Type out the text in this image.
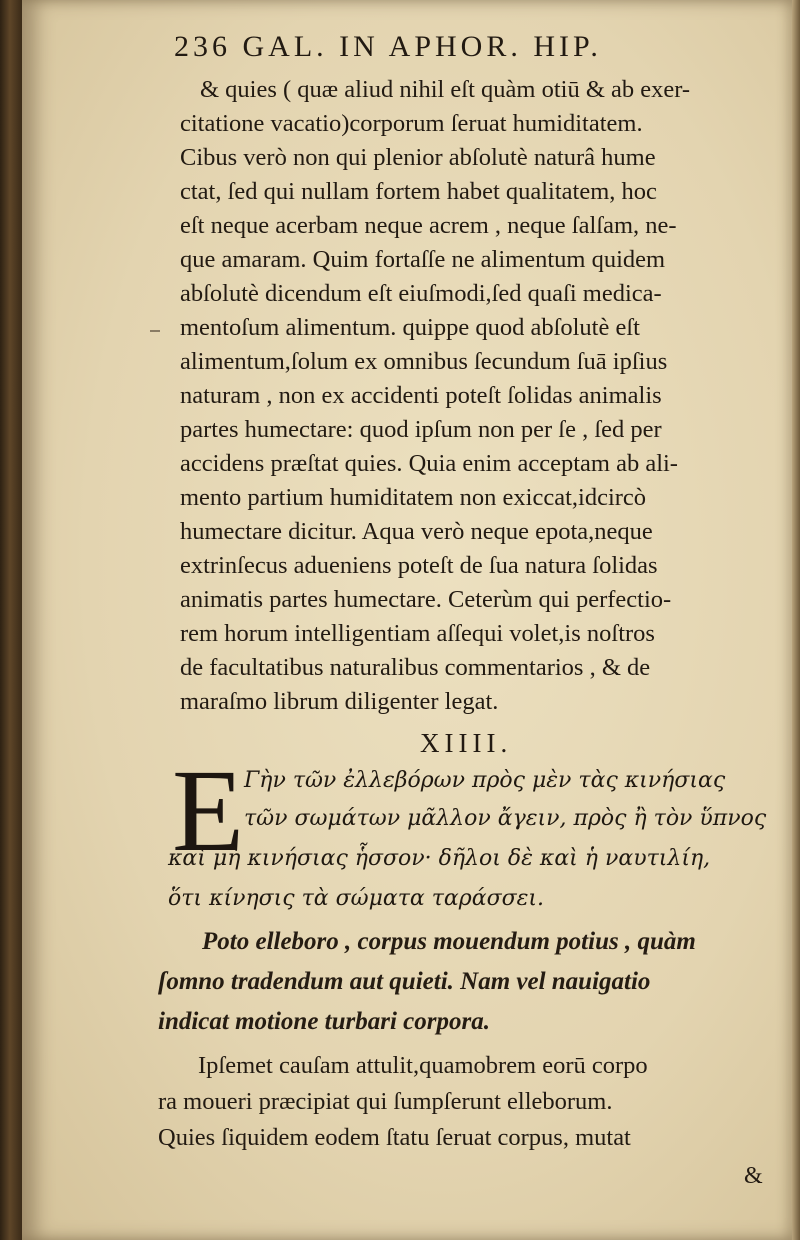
236 GAL. IN APHOR. HIP.
& quies ( quæ aliud nihil eſt quàm otiū & ab exer-
citatione vacatio)corporum ſeruat humiditatem.
Cibus verò non qui plenior abſolutè naturâ hume
ctat, ſed qui nullam fortem habet qualitatem, hoc
eſt neque acerbam neque acrem , neque ſalſam, ne-
que amaram. Quim fortaſſe ne alimentum quidem
abſolutè dicendum eſt eiuſmodi,ſed quaſi medica-
mentoſum alimentum. quippe quod abſolutè eſt
alimentum,ſolum ex omnibus ſecundum ſuā ipſius
naturam , non ex accidenti poteſt ſolidas animalis
partes humectare: quod ipſum non per ſe , ſed per
accidens præſtat quies. Quia enim acceptam ab ali-
mento partium humiditatem non exiccat,idcircò
humectare dicitur. Aqua verò neque epota,neque
extrinſecus adueniens poteſt de ſua natura ſolidas
animatis partes humectare. Ceterùm qui perfectio-
rem horum intelligentiam aſſequi volet,is noſtros
de facultatibus naturalibus commentarios , & de
maraſmo librum diligenter legat.
XIIII.
E Γὴν τῶν ἐλλεβόρων πρὸς μὲν τὰς κινήσιας
τῶν σωμάτων μᾶλλον ἄγειν, πρὸς ἢ τὸν ὕπνος
καὶ μὴ κινήσιας ἧσσον· δῆλοι δὲ καὶ ἡ ναυτιλίη,
ὅτι κίνησις τὰ σώματα ταράσσει.
Poto elleboro , corpus mouendum potius , quàm
ſomno tradendum aut quieti. Nam vel nauigatio
indicat motione turbari corpora.
Ipſemet cauſam attulit,quamobrem eorū corpo
ra moueri præcipiat qui ſumpſerunt elleborum.
Quies ſiquidem eodem ſtatu ſeruat corpus, mutat
&
